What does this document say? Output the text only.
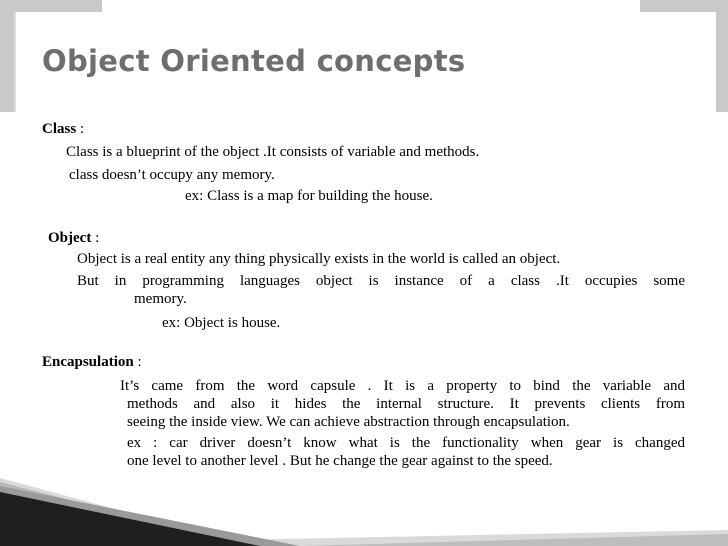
Object Oriented concepts
Class :
Class is a blueprint of the object .It consists of variable and methods.
class doesn’t occupy any memory.
ex: Class is a map for building the house.
Object :
Object is a real entity any thing physically exists in the world is called an object.
But in programming languages object is instance of a class .It occupies some
memory.
ex: Object is house.
Encapsulation :
It’s came from the word capsule . It is a property to bind the variable and
methods and also it hides the internal structure. It prevents clients from
seeing the inside view. We can achieve abstraction through encapsulation.
ex : car driver doesn’t know what is the functionality when gear is changed
one level to another level . But he change the gear against to the speed.
